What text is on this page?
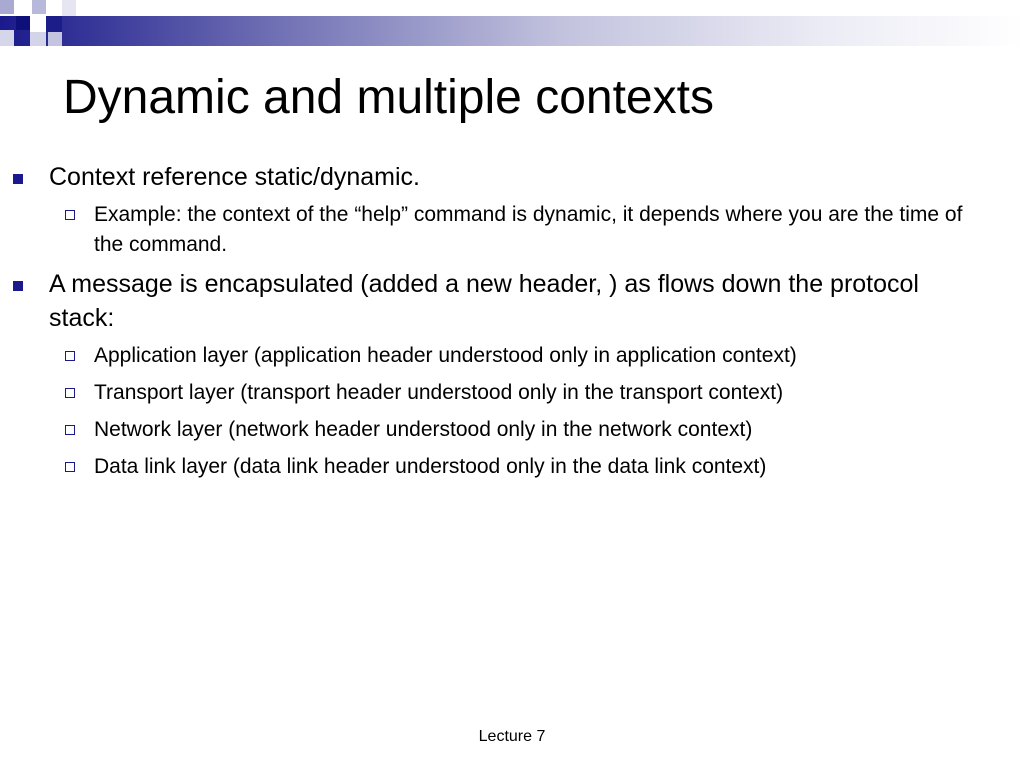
Dynamic and multiple contexts
Context reference static/dynamic.
Example: the context of the “help” command is dynamic, it depends where you are the time of the command.
A message is encapsulated (added a new header, ) as flows down the protocol stack:
Application layer (application header understood only in application context)
Transport layer (transport header understood only in the transport context)
Network layer (network header understood only in the network context)
Data link layer (data link header understood only in the data link context)
Lecture 7
